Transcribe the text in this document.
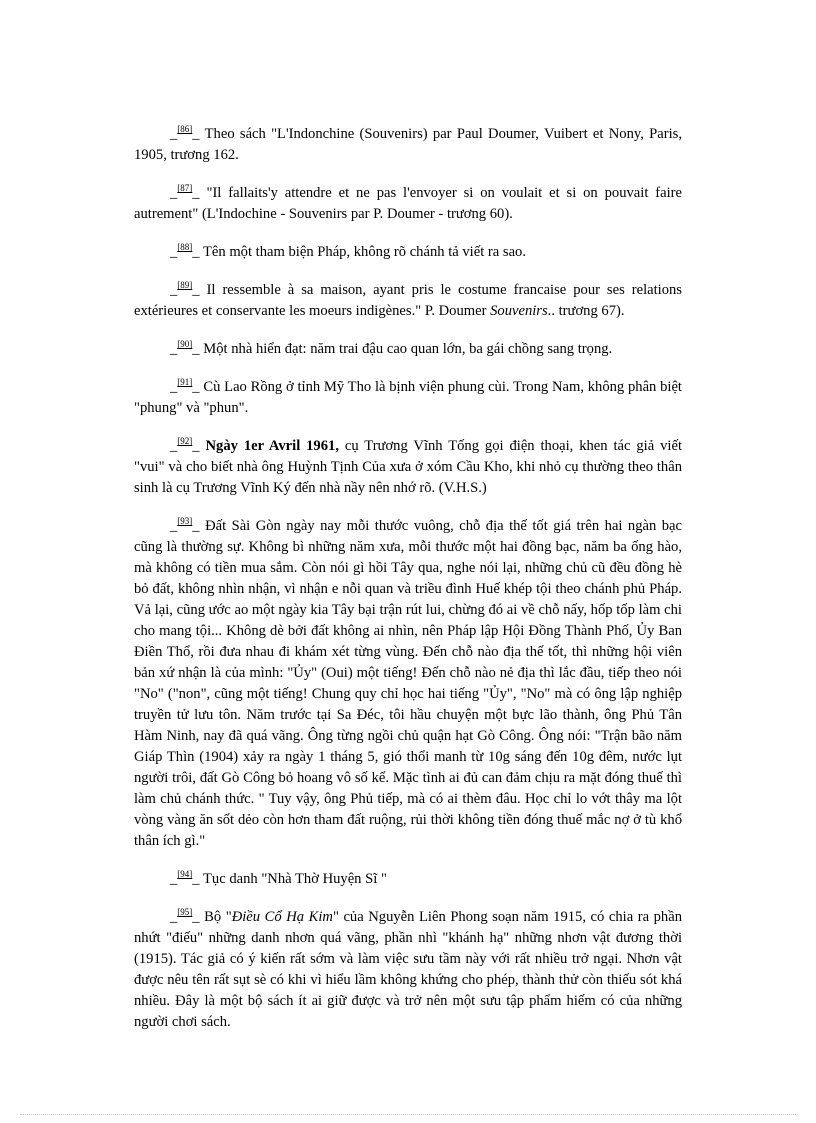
_[86]_ Theo sách "L'Indonchine (Souvenirs) par Paul Doumer, Vuibert et Nony, Paris, 1905, trương 162.

_[87]_ "Il fallaits'y attendre et ne pas l'envoyer si on voulait et si on pouvait faire autrement" (L'Indochine - Souvenirs par P. Doumer - trương 60).

_[88]_ Tên một tham biện Pháp, không rõ chánh tả viết ra sao.

_[89]_ Il ressemble à sa maison, ayant pris le costume francaise pour ses relations extérieures et conservante les moeurs indigènes." P. Doumer Souvenirs.. trương 67).

_[90]_ Một nhà hiển đạt: năm trai đậu cao quan lớn, ba gái chồng sang trọng.

_[91]_ Cù Lao Rồng ở tỉnh Mỹ Tho là bịnh viện phung cùi. Trong Nam, không phân biệt "phung" và "phun".

_[92]_ Ngày 1er Avril 1961, cụ Trương Vĩnh Tống gọi điện thoại, khen tác giả viết "vui" và cho biết nhà ông Huỳnh Tịnh Của xưa ở xóm Cầu Kho, khi nhỏ cụ thường theo thân sinh là cụ Trương Vĩnh Ký đến nhà nầy nên nhớ rõ. (V.H.S.)

_[93]_ Đất Sài Gòn ngày nay mỗi thước vuông, chỗ địa thế tốt giá trên hai ngàn bạc cũng là thường sự. Không bì những năm xưa, mỗi thước một hai đồng bạc, năm ba ống hào, mà không có tiền mua sắm. Còn nói gì hồi Tây qua, nghe nói lại, những chủ cũ đều đồng hè bỏ đất, không nhìn nhận, vì nhận e nỗi quan và triều đình Huế khép tội theo chánh phủ Pháp. Vả lại, cũng ước ao một ngày kia Tây bại trận rút lui, chừng đó ai về chỗ nấy, hốp tốp làm chi cho mang tội... Không dè bởi đất không ai nhìn, nên Pháp lập Hội Đồng Thành Phố, Ủy Ban Điền Thổ, rồi đưa nhau đi khám xét từng vùng. Đến chỗ nào địa thế tốt, thì những hội viên bản xứ nhận là của mình: "Ủy" (Oui) một tiếng! Đến chỗ nào nẻ địa thì lắc đầu, tiếp theo nói "No" ("non", cũng một tiếng! Chung quy chỉ học hai tiếng "Ủy", "No" mà có ông lập nghiệp truyền tử lưu tôn. Năm trước tại Sa Đéc, tôi hầu chuyện một bực lão thành, ông Phủ Tân Hàm Ninh, nay đã quá vãng. Ông từng ngồi chủ quận hạt Gò Công. Ông nói: "Trận bão năm Giáp Thìn (1904) xảy ra ngày 1 tháng 5, gió thổi manh từ 10g sáng đến 10g đêm, nước lụt người trôi, đất Gò Công bỏ hoang vô số kể. Mặc tình ai đủ can đảm chịu ra mặt đóng thuế thì làm chủ chánh thức. " Tuy vậy, ông Phủ tiếp, mà có ai thèm đâu. Học chỉ lo vớt thây ma lột vòng vàng ăn sốt dẻo còn hơn tham đất ruộng, rủi thời không tiền đóng thuế mắc nợ ở tù khổ thân ích gì."

_[94]_ Tục danh "Nhà Thờ Huyện Sĩ "

_[95]_ Bộ "Điều Cổ Hạ Kim" của Nguyễn Liên Phong soạn năm 1915, có chia ra phần nhứt "điếu" những danh nhơn quá vãng, phần nhì "khánh hạ" những nhơn vật đương thời (1915). Tác giả có ý kiến rất sớm và làm việc sưu tầm này với rất nhiều trở ngại. Nhơn vật được nêu tên rất sụt sè có khi vì hiểu lầm không khứng cho phép, thành thử còn thiếu sót khá nhiều. Đây là một bộ sách ít ai giữ được và trở nên một sưu tập phẩm hiếm có của những người chơi sách.
